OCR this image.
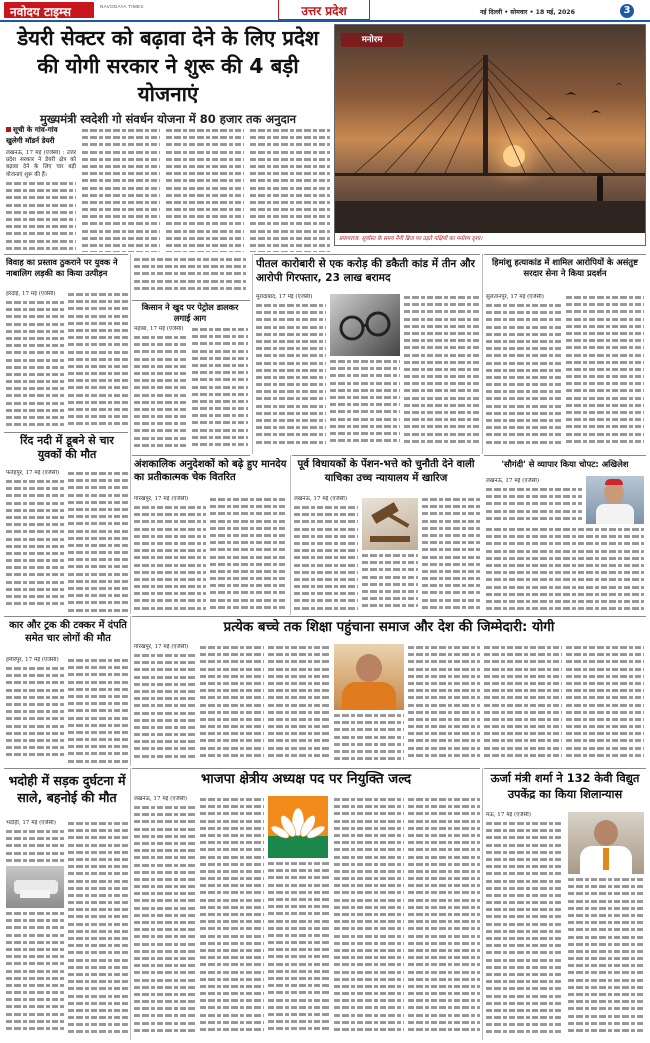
नवोदय टाइम्स	NAVODAYA TIMES	उत्तर प्रदेश	नई दिल्ली • सोमवार • 18 मई, 2026	3
डेयरी सेक्टर को बढ़ावा देने के लिए प्रदेश की योगी सरकार ने शुरू की 4 बड़ी योजनाएं
मुख्यमंत्री स्वदेशी गो संवर्धन योजना में 80 हजार तक अनुदान
सूची के गांव-गांव
खुलेगी मॉडर्न डेयरी
लखनऊ, 17 मई (एजेंसी) : उत्तर प्रदेश सरकार ने डेयरी क्षेत्र को बढ़ावा देने के लिए चार बड़ी योजनाएं शुरू की हैं।
मनोरम
प्रयागराज: सूर्यास्त के समय नैनी ब्रिज पर उड़ते पक्षियों का मनोरम दृश्य।
विवाह का प्रस्ताव ठुकराने पर युवक ने नाबालिग लड़की का किया उत्पीड़न
हरदोई, 17 मई (एजेंसी)
रिंद नदी में डूबने से चार युवकों की मौत
फतेहपुर, 17 मई (एजेंसी)
किसान ने खुद पर पेट्रोल डालकर लगाई आग
महोबा, 17 मई (एजेंसी)
अंशकालिक अनुदेशकों को बढ़े हुए मानदेय का प्रतीकात्मक चेक वितरित
गोरखपुर, 17 मई (एजेंसी)
पीतल कारोबारी से एक करोड़ की डकैती कांड में तीन और आरोपी गिरफ्तार, 23 लाख बरामद
मुरादाबाद, 17 मई (एजेंसी)
हिमांशु हत्याकांड में शामिल आरोपियों के असंतुष्ट सरदार सेना ने किया प्रदर्शन
सुलतानपुर, 17 मई (एजेंसी)
पूर्व विधायकों के पेंशन-भत्ते को चुनौती देने वाली याचिका उच्च न्यायालय में खारिज
लखनऊ, 17 मई (एजेंसी)
'सौगंदी' से व्यापार किया चोपट: अखिलेश
लखनऊ, 17 मई (एजेंसी)
कार और ट्रक की टक्कर में दंपति समेत चार लोगों की मौत
हमीरपुर, 17 मई (एजेंसी)
प्रत्येक बच्चे तक शिक्षा पहुंचाना समाज और देश की जिम्मेदारी: योगी
गोरखपुर, 17 मई (एजेंसी)
भदोही में सड़क दुर्घटना में साले, बहनोई की मौत
भदोही, 17 मई (एजेंसी)
भाजपा क्षेत्रीय अध्यक्ष पद पर नियुक्ति जल्द
लखनऊ, 17 मई (एजेंसी)
ऊर्जा मंत्री शर्मा ने 132 केवी विद्युत उपकेंद्र का किया शिलान्यास
मऊ, 17 मई (एजेंसी)
